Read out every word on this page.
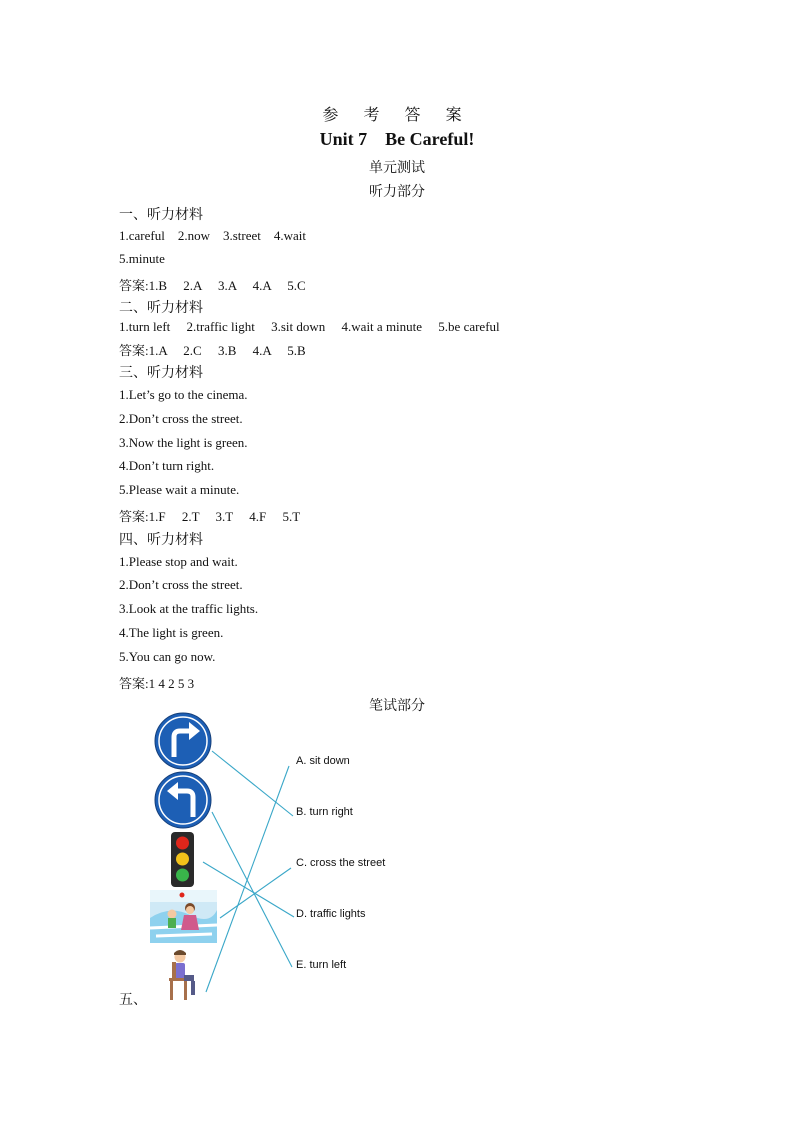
参 考 答 案
Unit 7    Be Careful!
单元测试
听力部分
一、听力材料
1.careful    2.now    3.street    4.wait
5.minute
答案:1.B     2.A     3.A     4.A     5.C
二、听力材料
1.turn left     2.traffic light     3.sit down     4.wait a minute     5.be careful
答案:1.A     2.C     3.B     4.A     5.B
三、听力材料
1.Let’s go to the cinema.
2.Don’t cross the street.
3.Now the light is green.
4.Don’t turn right.
5.Please wait a minute.
答案:1.F     2.T     3.T     4.F     5.T
四、听力材料
1.Please stop and wait.
2.Don’t cross the street.
3.Look at the traffic lights.
4.The light is green.
5.You can go now.
答案:1 4 2 5 3
笔试部分
A. sit down
B. turn right
C. cross the street
D. traffic lights
E. turn left
五、
